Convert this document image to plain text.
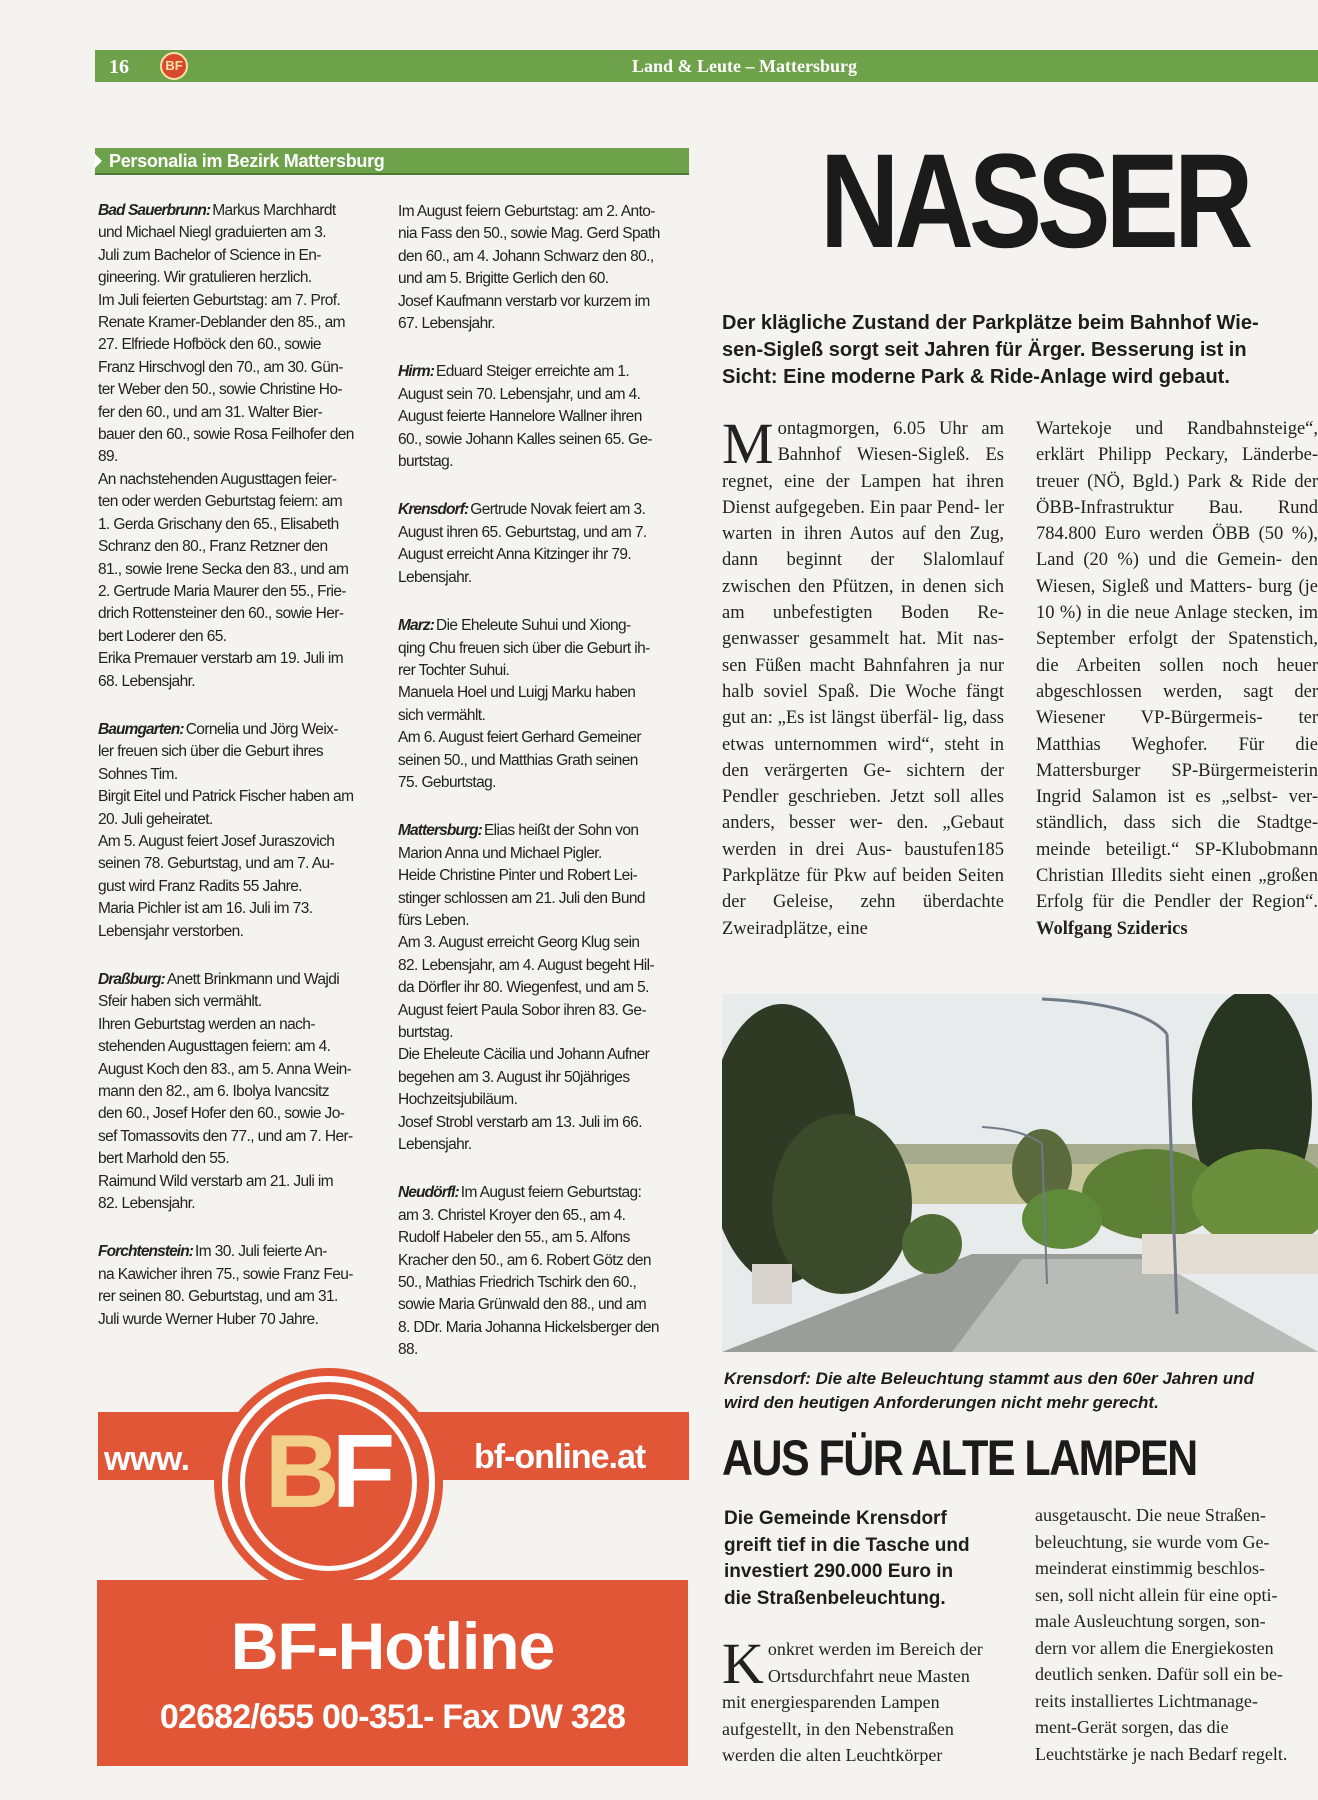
16	BF	Land & Leute – Mattersburg
Personalia im Bezirk Mattersburg
Bad Sauerbrunn: Markus Marchhardt
und Michael Niegl graduierten am 3.
Juli zum Bachelor of Science in En-
gineering. Wir gratulieren herzlich.
Im Juli feierten Geburtstag: am 7. Prof.
Renate Kramer-Deblander den 85., am
27. Elfriede Hofböck den 60., sowie
Franz Hirschvogl den 70., am 30. Gün-
ter Weber den 50., sowie Christine Ho-
fer den 60., und am 31. Walter Bier-
bauer den 60., sowie Rosa Feilhofer den
89.
An nachstehenden Augusttagen feier-
ten oder werden Geburtstag feiern: am
1. Gerda Grischany den 65., Elisabeth
Schranz den 80., Franz Retzner den
81., sowie Irene Secka den 83., und am
2. Gertrude Maria Maurer den 55., Frie-
drich Rottensteiner den 60., sowie Her-
bert Loderer den 65.
Erika Premauer verstarb am 19. Juli im
68. Lebensjahr.
Baumgarten: Cornelia und Jörg Weix-
ler freuen sich über die Geburt ihres
Sohnes Tim.
Birgit Eitel und Patrick Fischer haben am
20. Juli geheiratet.
Am 5. August feiert Josef Juraszovich
seinen 78. Geburtstag, und am 7. Au-
gust wird Franz Radits 55 Jahre.
Maria Pichler ist am 16. Juli im 73.
Lebensjahr verstorben.
Draßburg: Anett Brinkmann und Wajdi
Sfeir haben sich vermählt.
Ihren Geburtstag werden an nach-
stehenden Augusttagen feiern: am 4.
August Koch den 83., am 5. Anna Wein-
mann den 82., am 6. Ibolya Ivancsitz
den 60., Josef Hofer den 60., sowie Jo-
sef Tomassovits den 77., und am 7. Her-
bert Marhold den 55.
Raimund Wild verstarb am 21. Juli im
82. Lebensjahr.
Forchtenstein: Im 30. Juli feierte An-
na Kawicher ihren 75., sowie Franz Feu-
rer seinen 80. Geburtstag, und am 31.
Juli wurde Werner Huber 70 Jahre.
Im August feiern Geburtstag: am 2. Anto-
nia Fass den 50., sowie Mag. Gerd Spath
den 60., am 4. Johann Schwarz den 80.,
und am 5. Brigitte Gerlich den 60.
Josef Kaufmann verstarb vor kurzem im
67. Lebensjahr.
Hirm: Eduard Steiger erreichte am 1.
August sein 70. Lebensjahr, und am 4.
August feierte Hannelore Wallner ihren
60., sowie Johann Kalles seinen 65. Ge-
burtstag.
Krensdorf: Gertrude Novak feiert am 3.
August ihren 65. Geburtstag, und am 7.
August erreicht Anna Kitzinger ihr 79.
Lebensjahr.
Marz: Die Eheleute Suhui und Xiong-
qing Chu freuen sich über die Geburt ih-
rer Tochter Suhui.
Manuela Hoel und Luigj Marku haben
sich vermählt.
Am 6. August feiert Gerhard Gemeiner
seinen 50., und Matthias Grath seinen
75. Geburtstag.
Mattersburg: Elias heißt der Sohn von
Marion Anna und Michael Pigler.
Heide Christine Pinter und Robert Lei-
stinger schlossen am 21. Juli den Bund
fürs Leben.
Am 3. August erreicht Georg Klug sein
82. Lebensjahr, am 4. August begeht Hil-
da Dörfler ihr 80. Wiegenfest, und am 5.
August feiert Paula Sobor ihren 83. Ge-
burtstag.
Die Eheleute Cäcilia und Johann Aufner
begehen am 3. August ihr 50jähriges
Hochzeitsjubiläum.
Josef Strobl verstarb am 13. Juli im 66.
Lebensjahr.
Neudörfl: Im August feiern Geburtstag:
am 3. Christel Kroyer den 65., am 4.
Rudolf Habeler den 55., am 5. Alfons
Kracher den 50., am 6. Robert Götz den
50., Mathias Friedrich Tschirk den 60.,
sowie Maria Grünwald den 88., und am
8. DDr. Maria Johanna Hickelsberger den
88.
www.	bf-online.at
BF
BF-Hotline
02682/655 00-351- Fax DW 328
NASSER
Der klägliche Zustand der Parkplätze beim Bahnhof Wie-
sen-Sigleß sorgt seit Jahren für Ärger. Besserung ist in
Sicht: Eine moderne Park & Ride-Anlage wird gebaut.
Montagmorgen, 6.05 Uhr am Bahnhof Wiesen-Sigleß. Es regnet, eine der Lampen hat ihren Dienst aufgegeben. Ein paar Pend- ler warten in ihren Autos auf den Zug, dann beginnt der Slalomlauf zwischen den Pfützen, in denen sich am unbefestigten Boden Re- genwasser gesammelt hat. Mit nas- sen Füßen macht Bahnfahren ja nur halb soviel Spaß. Die Woche fängt gut an: „Es ist längst überfäl- lig, dass etwas unternommen wird“, steht in den verärgerten Ge- sichtern der Pendler geschrieben. Jetzt soll alles anders, besser wer- den. „Gebaut werden in drei Aus- baustufen185 Parkplätze für Pkw auf beiden Seiten der Geleise, zehn überdachte Zweiradplätze, eine
Wartekoje und Randbahnsteige“, erklärt Philipp Peckary, Länderbe- treuer (NÖ, Bgld.) Park & Ride der ÖBB-Infrastruktur Bau. Rund 784.800 Euro werden ÖBB (50 %), Land (20 %) und die Gemein- den Wiesen, Sigleß und Matters- burg (je 10 %) in die neue Anlage stecken, im September erfolgt der Spatenstich, die Arbeiten sollen noch heuer abgeschlossen werden, sagt der Wiesener VP-Bürgermeis- ter Matthias Weghofer. Für die Mattersburger SP-Bürgermeisterin Ingrid Salamon ist es „selbst- ver- ständlich, dass sich die Stadtge- meinde beteiligt.“ SP-Klubobmann Christian Illedits sieht einen „großen Erfolg für die Pendler der Region“. Wolfgang Sziderics
Krensdorf: Die alte Beleuchtung stammt aus den 60er Jahren und
wird den heutigen Anforderungen nicht mehr gerecht.
AUS FÜR ALTE LAMPEN
Die Gemeinde Krensdorf
greift tief in die Tasche und
investiert 290.000 Euro in
die Straßenbeleuchtung.
K onkret werden im Bereich der
Ortsdurchfahrt neue Masten
mit energiesparenden Lampen
aufgestellt, in den Nebenstraßen
werden die alten Leuchtkörper
ausgetauscht. Die neue Straßen-
beleuchtung, sie wurde vom Ge-
meinderat einstimmig beschlos-
sen, soll nicht allein für eine opti-
male Ausleuchtung sorgen, son-
dern vor allem die Energiekosten
deutlich senken. Dafür soll ein be-
reits installiertes Lichtmanage-
ment-Gerät sorgen, das die
Leuchtstärke je nach Bedarf regelt.
